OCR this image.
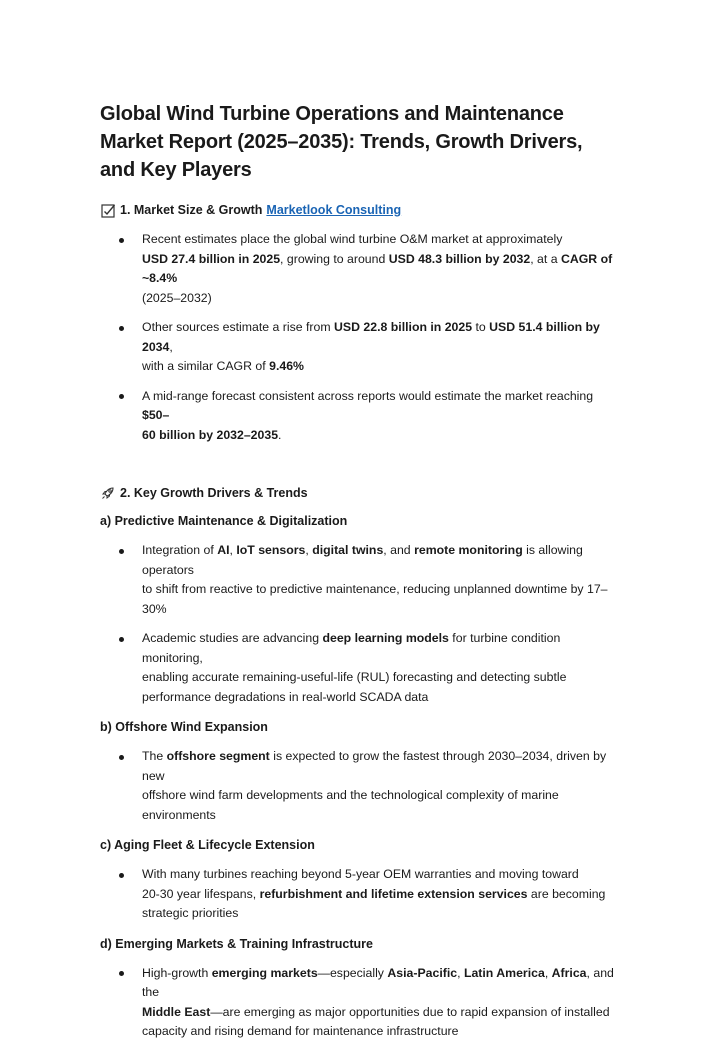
Global Wind Turbine Operations and Maintenance Market Report (2025–2035): Trends, Growth Drivers, and Key Players
1. Market Size & Growth Marketlook Consulting
Recent estimates place the global wind turbine O&M market at approximately
USD 27.4 billion in 2025, growing to around USD 48.3 billion by 2032, at a CAGR of ~8.4%
(2025–2032)
Other sources estimate a rise from USD 22.8 billion in 2025 to USD 51.4 billion by 2034,
with a similar CAGR of 9.46%
A mid-range forecast consistent across reports would estimate the market reaching $50–
60 billion by 2032–2035.
2. Key Growth Drivers & Trends
a) Predictive Maintenance & Digitalization
Integration of AI, IoT sensors, digital twins, and remote monitoring is allowing operators
to shift from reactive to predictive maintenance, reducing unplanned downtime by 17–
30%
Academic studies are advancing deep learning models for turbine condition monitoring,
enabling accurate remaining-useful-life (RUL) forecasting and detecting subtle
performance degradations in real-world SCADA data
b) Offshore Wind Expansion
The offshore segment is expected to grow the fastest through 2030–2034, driven by new
offshore wind farm developments and the technological complexity of marine
environments
c) Aging Fleet & Lifecycle Extension
With many turbines reaching beyond 5-year OEM warranties and moving toward
20-30 year lifespans, refurbishment and lifetime extension services are becoming
strategic priorities
d) Emerging Markets & Training Infrastructure
High-growth emerging markets—especially Asia-Pacific, Latin America, Africa, and the
Middle East—are emerging as major opportunities due to rapid expansion of installed
capacity and rising demand for maintenance infrastructure
